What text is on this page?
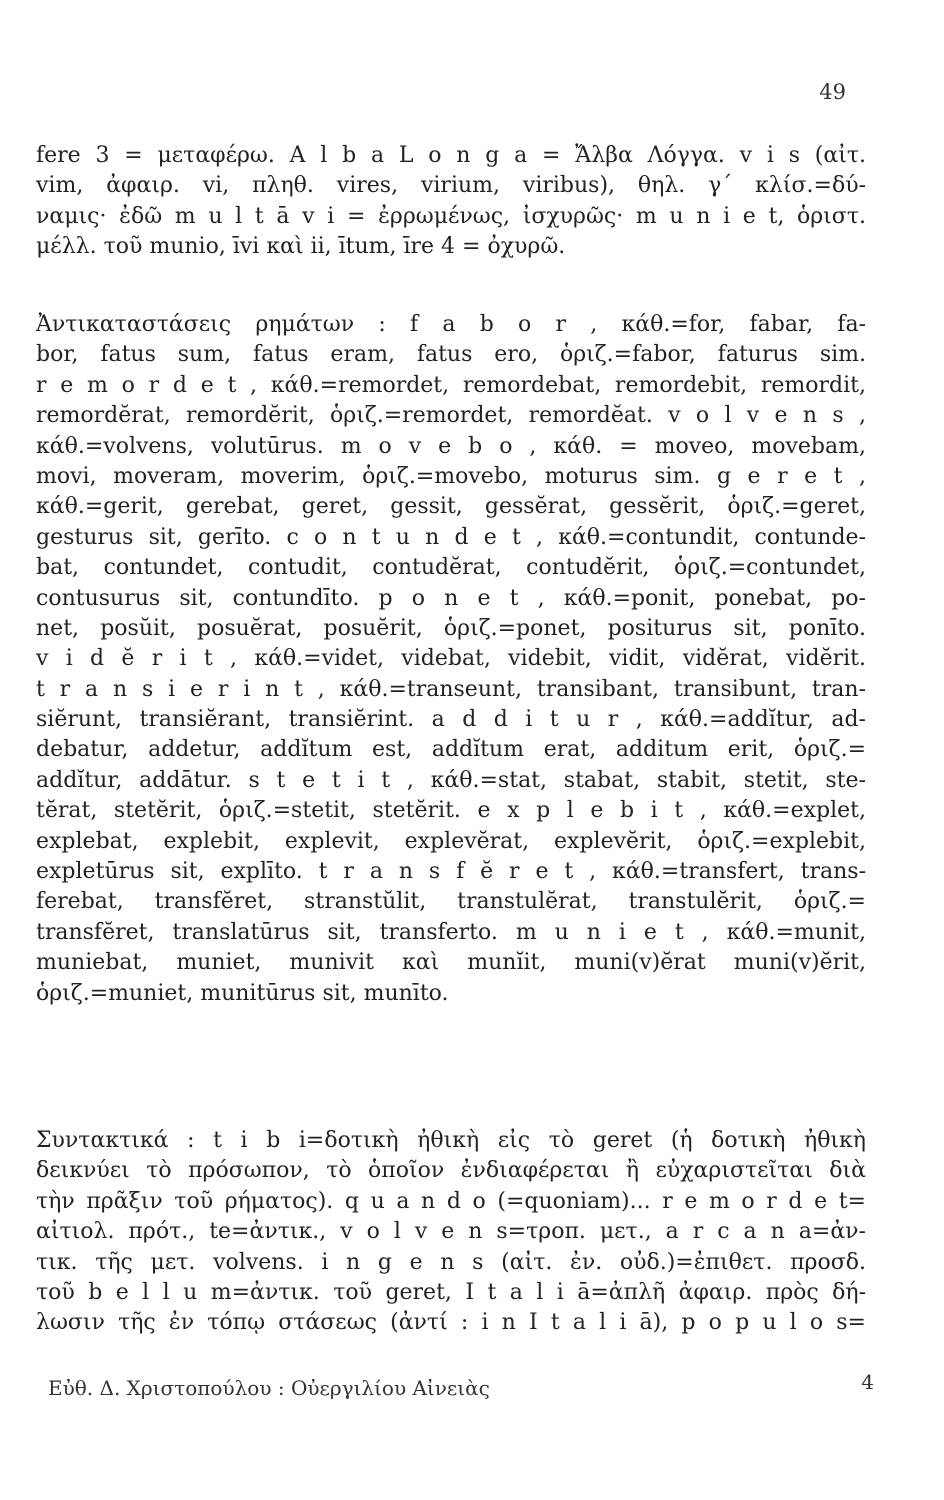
49
fere 3 = μεταφέρω. A l b a L o n g a = Ἄλβα Λόγγα. v i s (αἰτ.
vim, ἀφαιρ. vi, πληθ. vires, virium, viribus), θηλ. γ΄ κλίσ.=δύ-
ναμις· ἐδῶ m u l t ā v i = ἐρρωμένως, ἰσχυρῶς· m u n i e t, ὁριστ.
μέλλ. τοῦ munio, īvi καὶ ii, ītum, īre 4 = ὀχυρῶ.
Ἀντικαταστάσεις ρημάτων : f a b o r , κάθ.=for, fabar, fa-
bor, fatus sum, fatus eram, fatus ero, ὁριζ.=fabor, faturus sim.
r e m o r d e t , κάθ.=remordet, remordebat, remordebit, remordit,
remordĕrat, remordĕrit, ὁριζ.=remordet, remordĕat. v o l v e n s ,
κάθ.=volvens, volutūrus. m o v e b o , κάθ. = moveo, movebam,
movi, moveram, moverim, ὁριζ.=movebo, moturus sim. g e r e t ,
κάθ.=gerit, gerebat, geret, gessit, gessĕrat, gessĕrit, ὁριζ.=geret,
gesturus sit, gerīto. c o n t u n d e t , κάθ.=contundit, contunde-
bat, contundet, contudit, contudĕrat, contudĕrit, ὁριζ.=contundet,
contusurus sit, contundīto. p o n e t , κάθ.=ponit, ponebat, po-
net, posŭit, posuĕrat, posuĕrit, ὁριζ.=ponet, positurus sit, ponīto.
v i d ĕ r i t , κάθ.=videt, videbat, videbit, vidit, vidĕrat, vidĕrit.
t r a n s i e r i n t , κάθ.=transeunt, transibant, transibunt, tran-
siĕrunt, transiĕrant, transiĕrint. a d d i t u r , κάθ.=addĭtur, ad-
debatur, addetur, addĭtum est, addĭtum erat, additum erit, ὁριζ.=
addĭtur, addātur. s t e t i t , κάθ.=stat, stabat, stabit, stetit, ste-
tĕrat, stetĕrit, ὁριζ.=stetit, stetĕrit. e x p l e b i t , κάθ.=explet,
explebat, explebit, explevit, explevĕrat, explevĕrit, ὁριζ.=explebit,
expletūrus sit, explīto. t r a n s f ĕ r e t , κάθ.=transfert, trans-
ferebat, transfĕret, stranstŭlit, transtulĕrat, transtulĕrit, ὁριζ.=
transfĕret, translatūrus sit, transferto. m u n i e t , κάθ.=munit,
muniebat, muniet, munivit καὶ munĭit, muni(v)ĕrat muni(v)ĕrit,
ὁριζ.=muniet, munitūrus sit, munīto.
Συντακτικά : t i b i=δοτικὴ ἠθικὴ εἰς τὸ geret (ἡ δοτικὴ ἠθικὴ
δεικνύει τὸ πρόσωπον, τὸ ὁποῖον ἐνδιαφέρεται ἢ εὐχαριστεῖται διὰ
τὴν πρᾶξιν τοῦ ρήματος). q u a n d o (=quoniam)... r e m o r d e t=
αἰτιολ. πρότ., te=ἀντικ., v o l v e n s=τροπ. μετ., a r c a n a=ἀν-
τικ. τῆς μετ. volvens. i n g e n s (αἰτ. ἐν. οὐδ.)=ἐπιθετ. προσδ.
τοῦ b e l l u m=ἀντικ. τοῦ geret, I t a l i ā=ἀπλῆ ἀφαιρ. πρὸς δή-
λωσιν τῆς ἐν τόπῳ στάσεως (ἀντί : i n I t a l i ā), p o p u l o s=
Εὐθ. Δ. Χριστοπούλου : Οὐεργιλίου Αἰνειὰς	4
